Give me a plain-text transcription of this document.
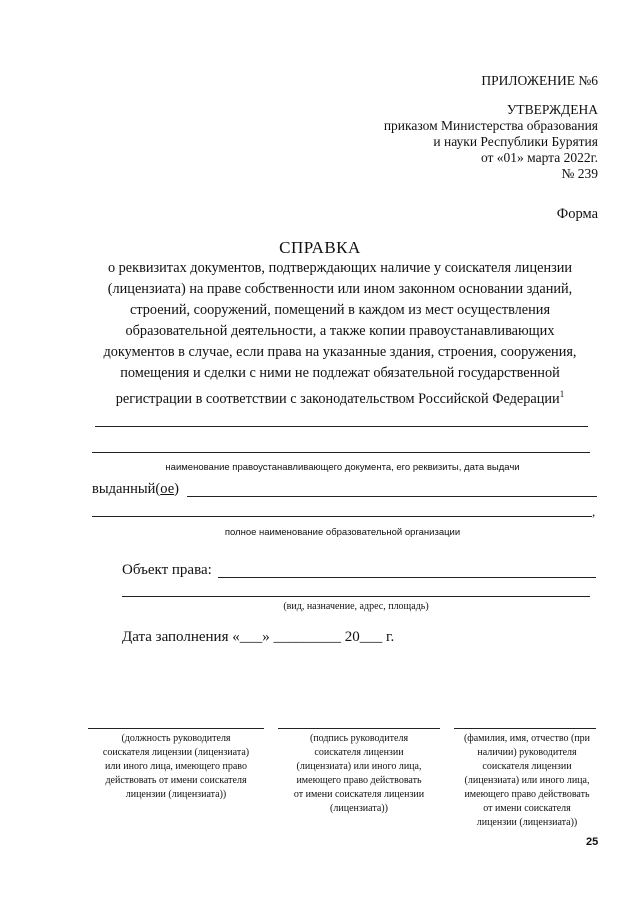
ПРИЛОЖЕНИЕ №6
УТВЕРЖДЕНА
приказом Министерства образования
и науки Республики Бурятия
от «01» марта 2022г.
№ 239
Форма
СПРАВКА
о реквизитах документов, подтверждающих наличие у соискателя лицензии
(лицензиата) на праве собственности или ином законном основании зданий,
строений, сооружений, помещений в каждом из мест осуществления
образовательной деятельности, а также копии правоустанавливающих
документов в случае, если права на указанные здания, строения, сооружения,
помещения и сделки с ними не подлежат обязательной государственной
регистрации в соответствии с законодательством Российской Федерации$^1$
наименование правоустанавливающего документа, его реквизиты, дата выдачи
выданный(ое)
,
полное наименование образовательной организации
Объект права:
(вид, назначение, адрес, площадь)
Дата заполнения «___» _________ 20___ г.
(должность руководителя
соискателя лицензии (лицензиата)
или иного лица, имеющего право
действовать от имени соискателя
лицензии (лицензиата))
(подпись руководителя
соискателя лицензии
(лицензиата) или иного лица,
имеющего право действовать
от имени соискателя лицензии
(лицензиата))
(фамилия, имя, отчество (при
наличии) руководителя
соискателя лицензии
(лицензиата) или иного лица,
имеющего право действовать
от имени соискателя
лицензии (лицензиата))
25
